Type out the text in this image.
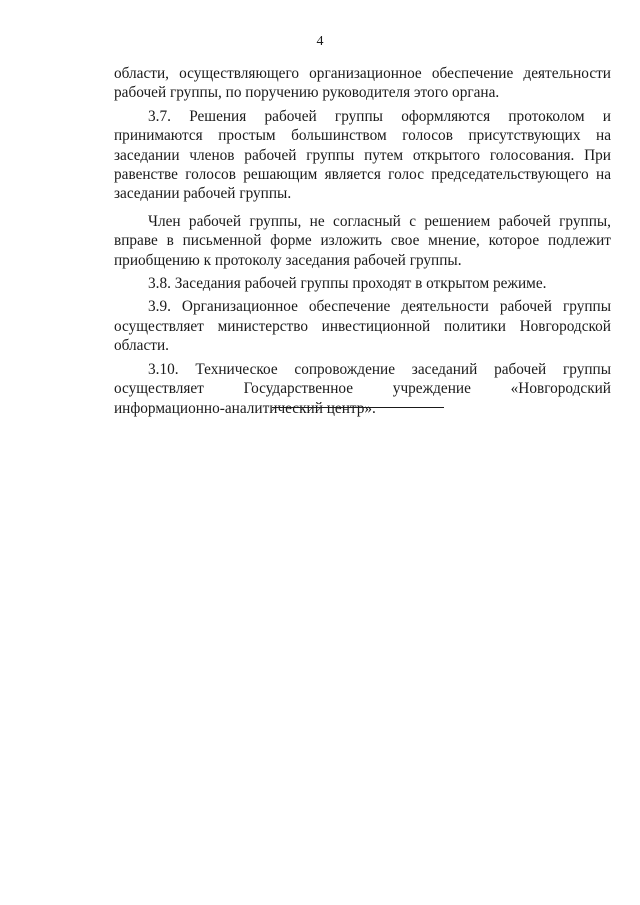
4

области, осуществляющего организационное обеспечение деятельности рабочей группы, по поручению руководителя этого органа.

3.7. Решения рабочей группы оформляются протоколом и принимаются простым большинством голосов присутствующих на заседании членов рабочей группы путем открытого голосования. При равенстве голосов решающим является голос председательствующего на заседании рабочей группы.

Член рабочей группы, не согласный с решением рабочей группы, вправе в письменной форме изложить свое мнение, которое подлежит приобщению к протоколу заседания рабочей группы.

3.8. Заседания рабочей группы проходят в открытом режиме.

3.9. Организационное обеспечение деятельности рабочей группы осуществляет министерство инвестиционной политики Новгородской области.

3.10. Техническое сопровождение заседаний рабочей группы осуществляет Государственное учреждение «Новгородский информационно-аналитический центр».
